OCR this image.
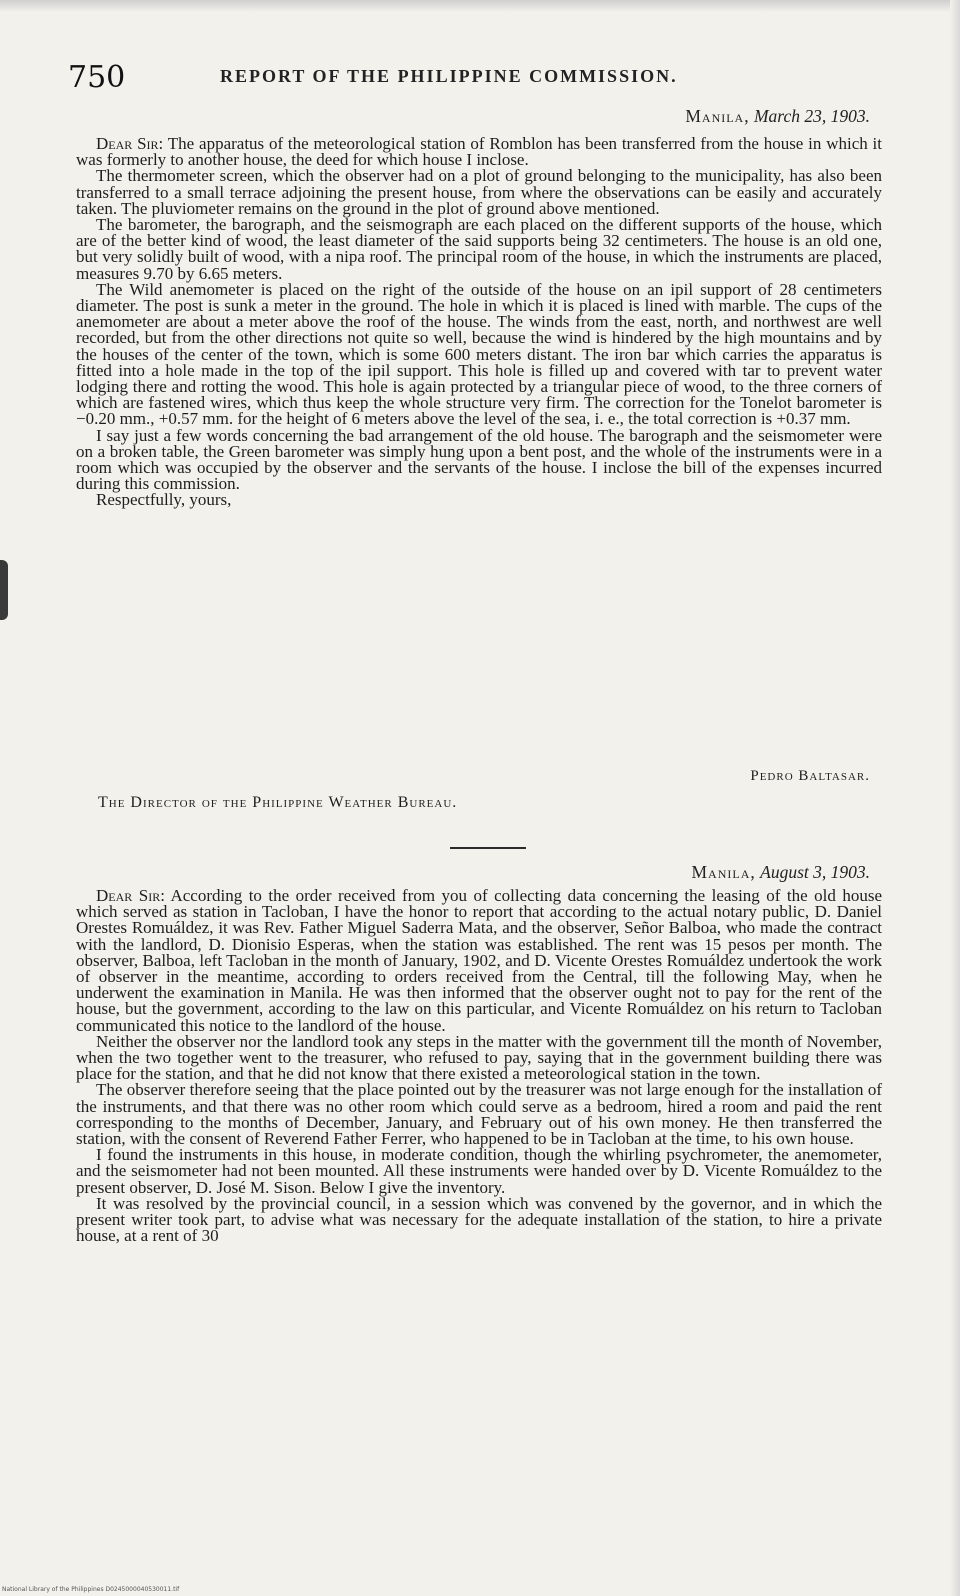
750	REPORT OF THE PHILIPPINE COMMISSION.
Manila, March 23, 1903.

Dear Sir: The apparatus of the meteorological station of Romblon has been transferred from the house in which it was formerly to another house, the deed for which house I inclose.

The thermometer screen, which the observer had on a plot of ground belonging to the municipality, has also been transferred to a small terrace adjoining the present house, from where the observations can be easily and accurately taken. The pluviometer remains on the ground in the plot of ground above mentioned.

The barometer, the barograph, and the seismograph are each placed on the different supports of the house, which are of the better kind of wood, the least diameter of the said supports being 32 centimeters. The house is an old one, but very solidly built of wood, with a nipa roof. The principal room of the house, in which the instruments are placed, measures 9.70 by 6.65 meters.

The Wild anemometer is placed on the right of the outside of the house on an ipil support of 28 centimeters diameter. The post is sunk a meter in the ground. The hole in which it is placed is lined with marble. The cups of the anemometer are about a meter above the roof of the house. The winds from the east, north, and northwest are well recorded, but from the other directions not quite so well, because the wind is hindered by the high mountains and by the houses of the center of the town, which is some 600 meters distant. The iron bar which carries the apparatus is fitted into a hole made in the top of the ipil support. This hole is filled up and covered with tar to prevent water lodging there and rotting the wood. This hole is again protected by a triangular piece of wood, to the three corners of which are fastened wires, which thus keep the whole structure very firm. The correction for the Tonelot barometer is −0.20 mm., +0.57 mm. for the height of 6 meters above the level of the sea, i. e., the total correction is +0.37 mm.

I say just a few words concerning the bad arrangement of the old house. The barograph and the seismometer were on a broken table, the Green barometer was simply hung upon a bent post, and the whole of the instruments were in a room which was occupied by the observer and the servants of the house. I inclose the bill of the expenses incurred during this commission.

Respectfully, yours,

Pedro Baltasar.
The Director of the Philippine Weather Bureau.
Manila, August 3, 1903.

Dear Sir: According to the order received from you of collecting data concerning the leasing of the old house which served as station in Tacloban, I have the honor to report that according to the actual notary public, D. Daniel Orestes Romuáldez, it was Rev. Father Miguel Saderra Mata, and the observer, Señor Balboa, who made the contract with the landlord, D. Dionisio Esperas, when the station was established. The rent was 15 pesos per month. The observer, Balboa, left Tacloban in the month of January, 1902, and D. Vicente Orestes Romuáldez undertook the work of observer in the meantime, according to orders received from the Central, till the following May, when he underwent the examination in Manila. He was then informed that the observer ought not to pay for the rent of the house, but the government, according to the law on this particular, and Vicente Romuáldez on his return to Tacloban communicated this notice to the landlord of the house.

Neither the observer nor the landlord took any steps in the matter with the government till the month of November, when the two together went to the treasurer, who refused to pay, saying that in the government building there was place for the station, and that he did not know that there existed a meteorological station in the town.

The observer therefore seeing that the place pointed out by the treasurer was not large enough for the installation of the instruments, and that there was no other room which could serve as a bedroom, hired a room and paid the rent corresponding to the months of December, January, and February out of his own money. He then transferred the station, with the consent of Reverend Father Ferrer, who happened to be in Tacloban at the time, to his own house.

I found the instruments in this house, in moderate condition, though the whirling psychrometer, the anemometer, and the seismometer had not been mounted. All these instruments were handed over by D. Vicente Romuáldez to the present observer, D. José M. Sison. Below I give the inventory.

It was resolved by the provincial council, in a session which was convened by the governor, and in which the present writer took part, to advise what was necessary for the adequate installation of the station, to hire a private house, at a rent of 30

National Library of the Philippines D0245000040530011.tif
